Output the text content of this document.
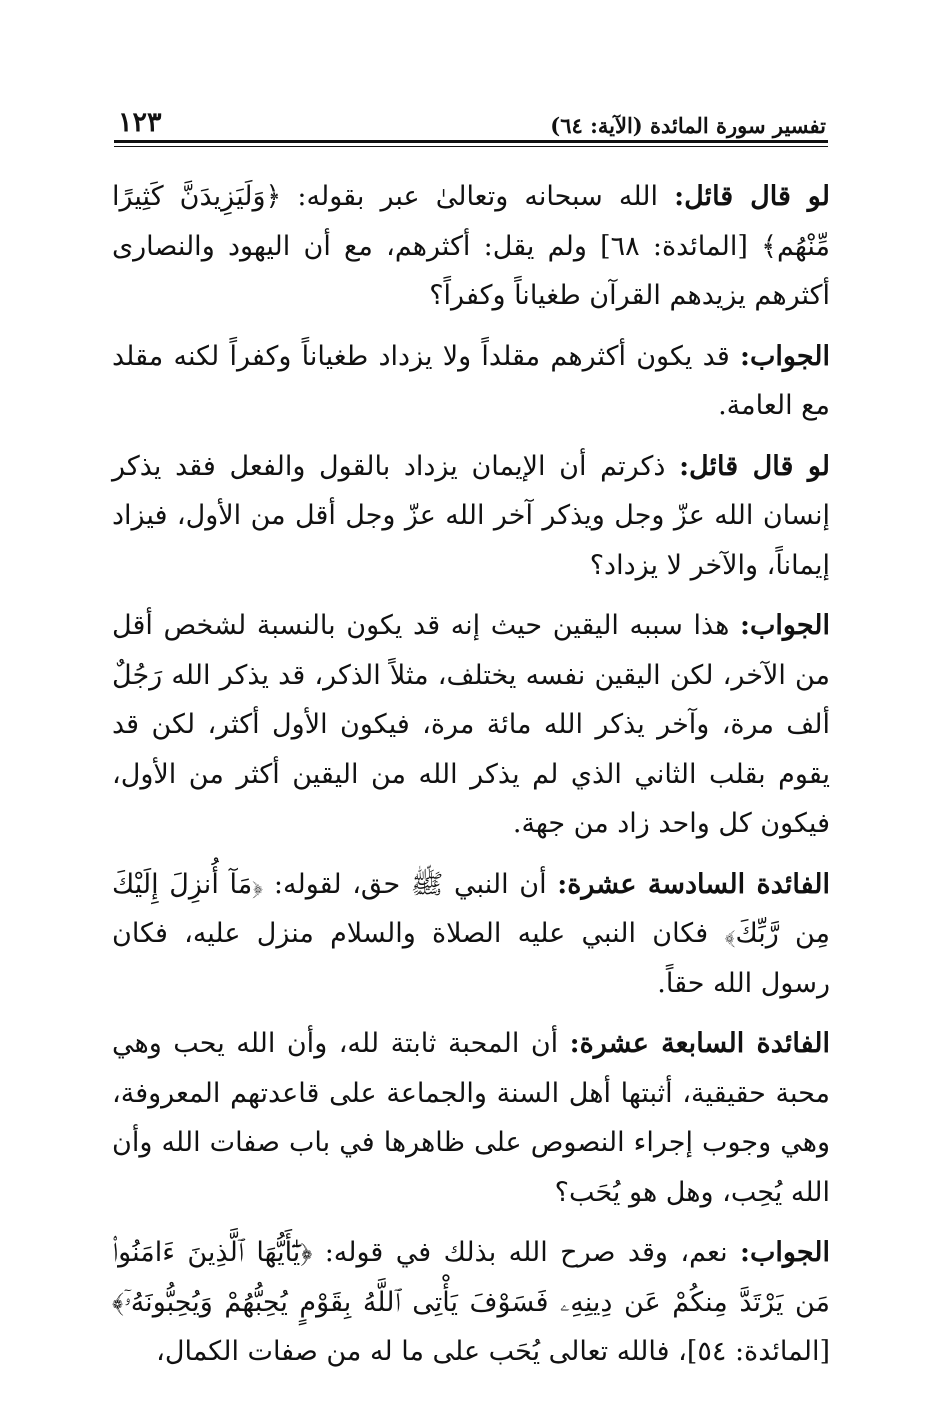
تفسير سورة المائدة (الآية: ٦٤)
١٢٣

لو قال قائل: الله سبحانه وتعالىٰ عبر بقوله: ﴿وَلَيَزِيدَنَّ كَثِيرًا مِّنْهُم﴾ [المائدة: ٦٨] ولم يقل: أكثرهم، مع أن اليهود والنصارى أكثرهم يزيدهم القرآن طغياناً وكفراً؟

الجواب: قد يكون أكثرهم مقلداً ولا يزداد طغياناً وكفراً لكنه مقلد مع العامة.

لو قال قائل: ذكرتم أن الإيمان يزداد بالقول والفعل فقد يذكر إنسان الله عزّ وجل ويذكر آخر الله عزّ وجل أقل من الأول، فيزاد إيماناً، والآخر لا يزداد؟

الجواب: هذا سببه اليقين حيث إنه قد يكون بالنسبة لشخص أقل من الآخر، لكن اليقين نفسه يختلف، مثلاً الذكر، قد يذكر الله رَجُلٌ ألف مرة، وآخر يذكر الله مائة مرة، فيكون الأول أكثر، لكن قد يقوم بقلب الثاني الذي لم يذكر الله من اليقين أكثر من الأول، فيكون كل واحد زاد من جهة.

الفائدة السادسة عشرة: أن النبي ﷺ حق، لقوله: ﴿مَآ أُنزِلَ إِلَيْكَ مِن رَّبِّكَ﴾ فكان النبي عليه الصلاة والسلام منزل عليه، فكان رسول الله حقاً.

الفائدة السابعة عشرة: أن المحبة ثابتة لله، وأن الله يحب وهي محبة حقيقية، أثبتها أهل السنة والجماعة على قاعدتهم المعروفة، وهي وجوب إجراء النصوص على ظاهرها في باب صفات الله وأن الله يُحِب، وهل هو يُحَب؟

الجواب: نعم، وقد صرح الله بذلك في قوله: ﴿يَٰٓأَيُّهَا ٱلَّذِينَ ءَامَنُوا۟ مَن يَرْتَدَّ مِنكُمْ عَن دِينِهِۦ فَسَوْفَ يَأْتِى ٱللَّهُ بِقَوْمٍ يُحِبُّهُمْ وَيُحِبُّونَهُۥٓ﴾ [المائدة: ٥٤]، فالله تعالى يُحَب على ما له من صفات الكمال،
